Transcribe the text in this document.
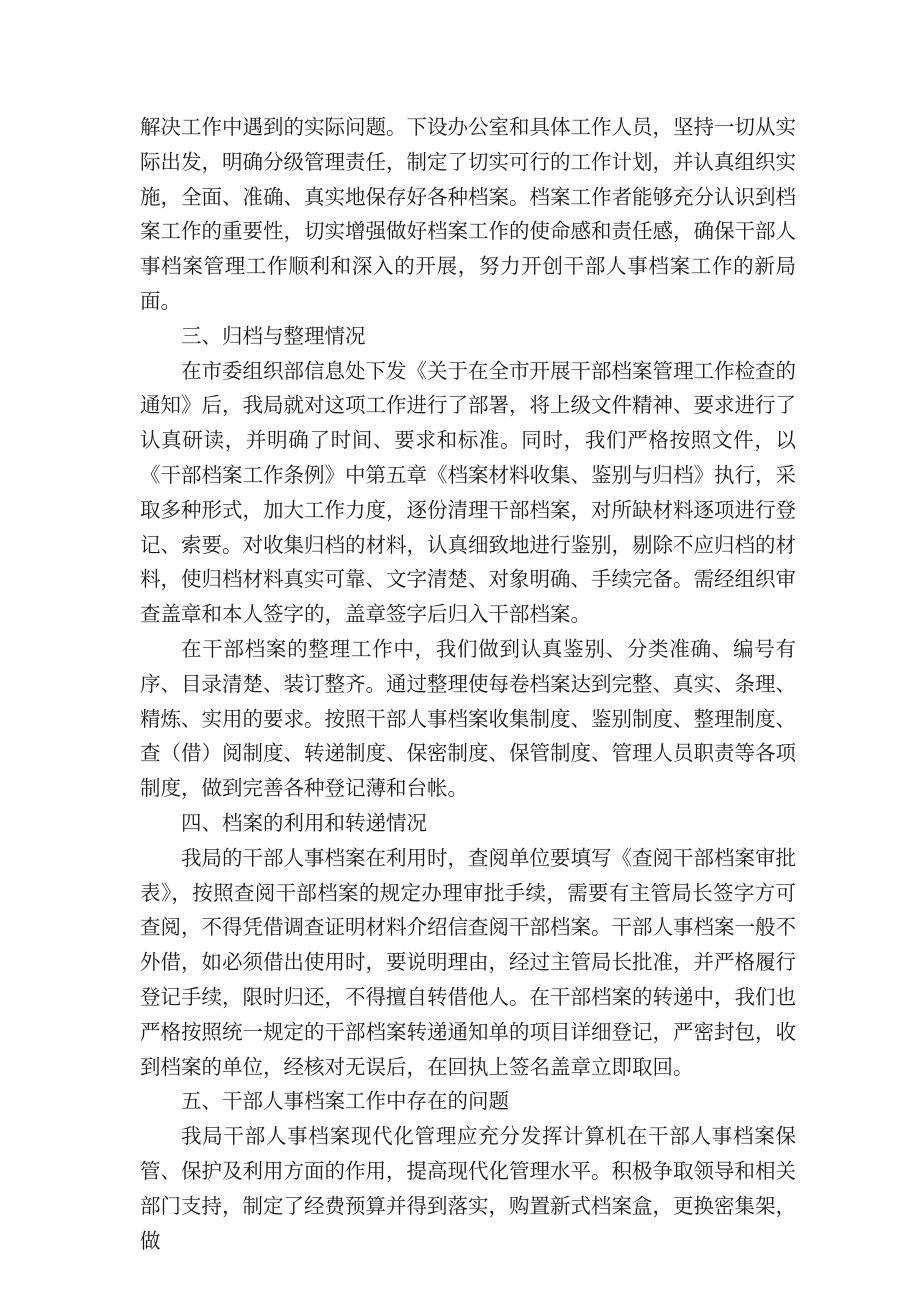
解决工作中遇到的实际问题。下设办公室和具体工作人员，坚持一切从实际出发，明确分级管理责任，制定了切实可行的工作计划，并认真组织实施，全面、准确、真实地保存好各种档案。档案工作者能够充分认识到档案工作的重要性，切实增强做好档案工作的使命感和责任感，确保干部人事档案管理工作顺利和深入的开展，努力开创干部人事档案工作的新局面。

三、归档与整理情况

在市委组织部信息处下发《关于在全市开展干部档案管理工作检查的通知》后，我局就对这项工作进行了部署，将上级文件精神、要求进行了认真研读，并明确了时间、要求和标准。同时，我们严格按照文件，以《干部档案工作条例》中第五章《档案材料收集、鉴别与归档》执行，采取多种形式，加大工作力度，逐份清理干部档案，对所缺材料逐项进行登记、索要。对收集归档的材料，认真细致地进行鉴别，剔除不应归档的材料，使归档材料真实可靠、文字清楚、对象明确、手续完备。需经组织审查盖章和本人签字的，盖章签字后归入干部档案。

在干部档案的整理工作中，我们做到认真鉴别、分类准确、编号有序、目录清楚、装订整齐。通过整理使每卷档案达到完整、真实、条理、精炼、实用的要求。按照干部人事档案收集制度、鉴别制度、整理制度、查（借）阅制度、转递制度、保密制度、保管制度、管理人员职责等各项制度，做到完善各种登记薄和台帐。

四、档案的利用和转递情况

我局的干部人事档案在利用时，查阅单位要填写《查阅干部档案审批表》，按照查阅干部档案的规定办理审批手续，需要有主管局长签字方可查阅，不得凭借调查证明材料介绍信查阅干部档案。干部人事档案一般不外借，如必须借出使用时，要说明理由，经过主管局长批准，并严格履行登记手续，限时归还，不得擅自转借他人。在干部档案的转递中，我们也严格按照统一规定的干部档案转递通知单的项目详细登记，严密封包，收到档案的单位，经核对无误后，在回执上签名盖章立即取回。

五、干部人事档案工作中存在的问题

我局干部人事档案现代化管理应充分发挥计算机在干部人事档案保管、保护及利用方面的作用，提高现代化管理水平。积极争取领导和相关部门支持，制定了经费预算并得到落实，购置新式档案盒，更换密集架，做
